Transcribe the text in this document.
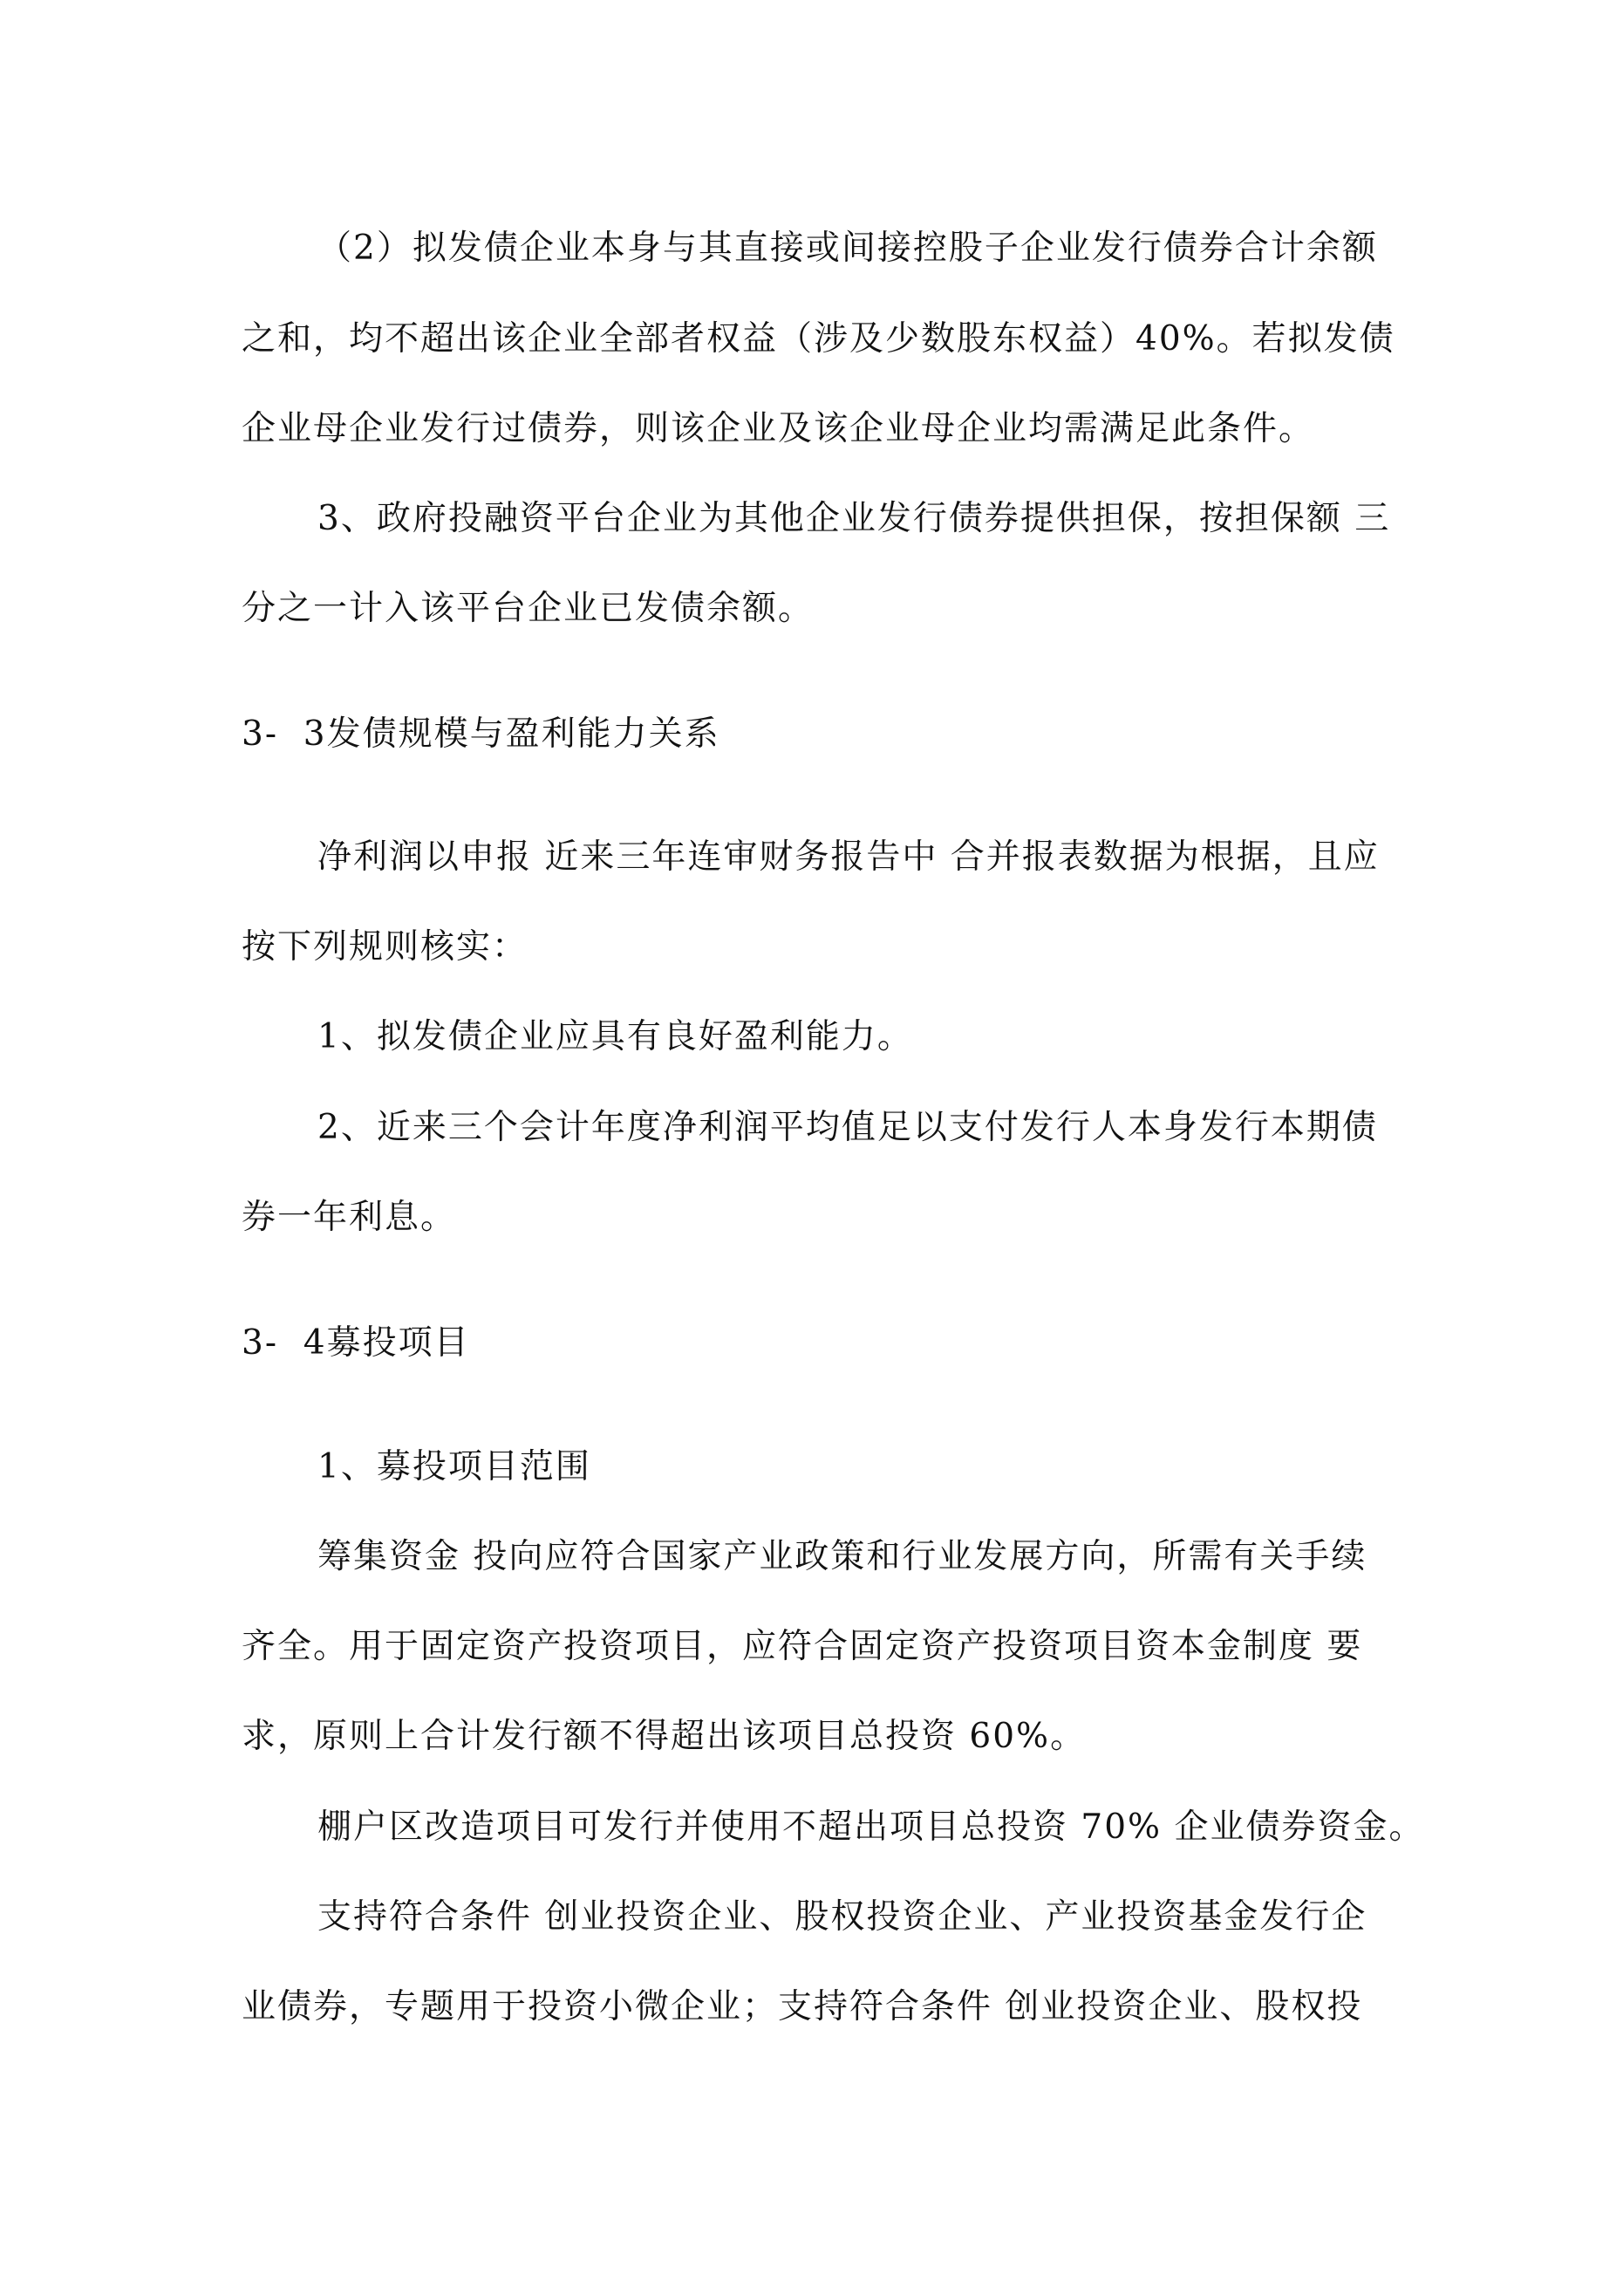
（2）拟发债企业本身与其直接或间接控股子企业发行债券合计余额
之和，均不超出该企业全部者权益（涉及少数股东权益）40%。若拟发债
企业母企业发行过债券，则该企业及该企业母企业均需满足此条件。
3、政府投融资平台企业为其他企业发行债券提供担保，按担保额 三
分之一计入该平台企业已发债余额。
3-  3发债规模与盈利能力关系
净利润以申报 近来三年连审财务报告中 合并报表数据为根据，且应
按下列规则核实：
1、拟发债企业应具有良好盈利能力。
2、近来三个会计年度净利润平均值足以支付发行人本身发行本期债
券一年利息。
3-  4募投项目
1、募投项目范围
筹集资金 投向应符合国家产业政策和行业发展方向，所需有关手续
齐全。用于固定资产投资项目，应符合固定资产投资项目资本金制度 要
求，原则上合计发行额不得超出该项目总投资 60%。
棚户区改造项目可发行并使用不超出项目总投资 70% 企业债券资金。
支持符合条件 创业投资企业、股权投资企业、产业投资基金发行企
业债券，专题用于投资小微企业；支持符合条件 创业投资企业、股权投
